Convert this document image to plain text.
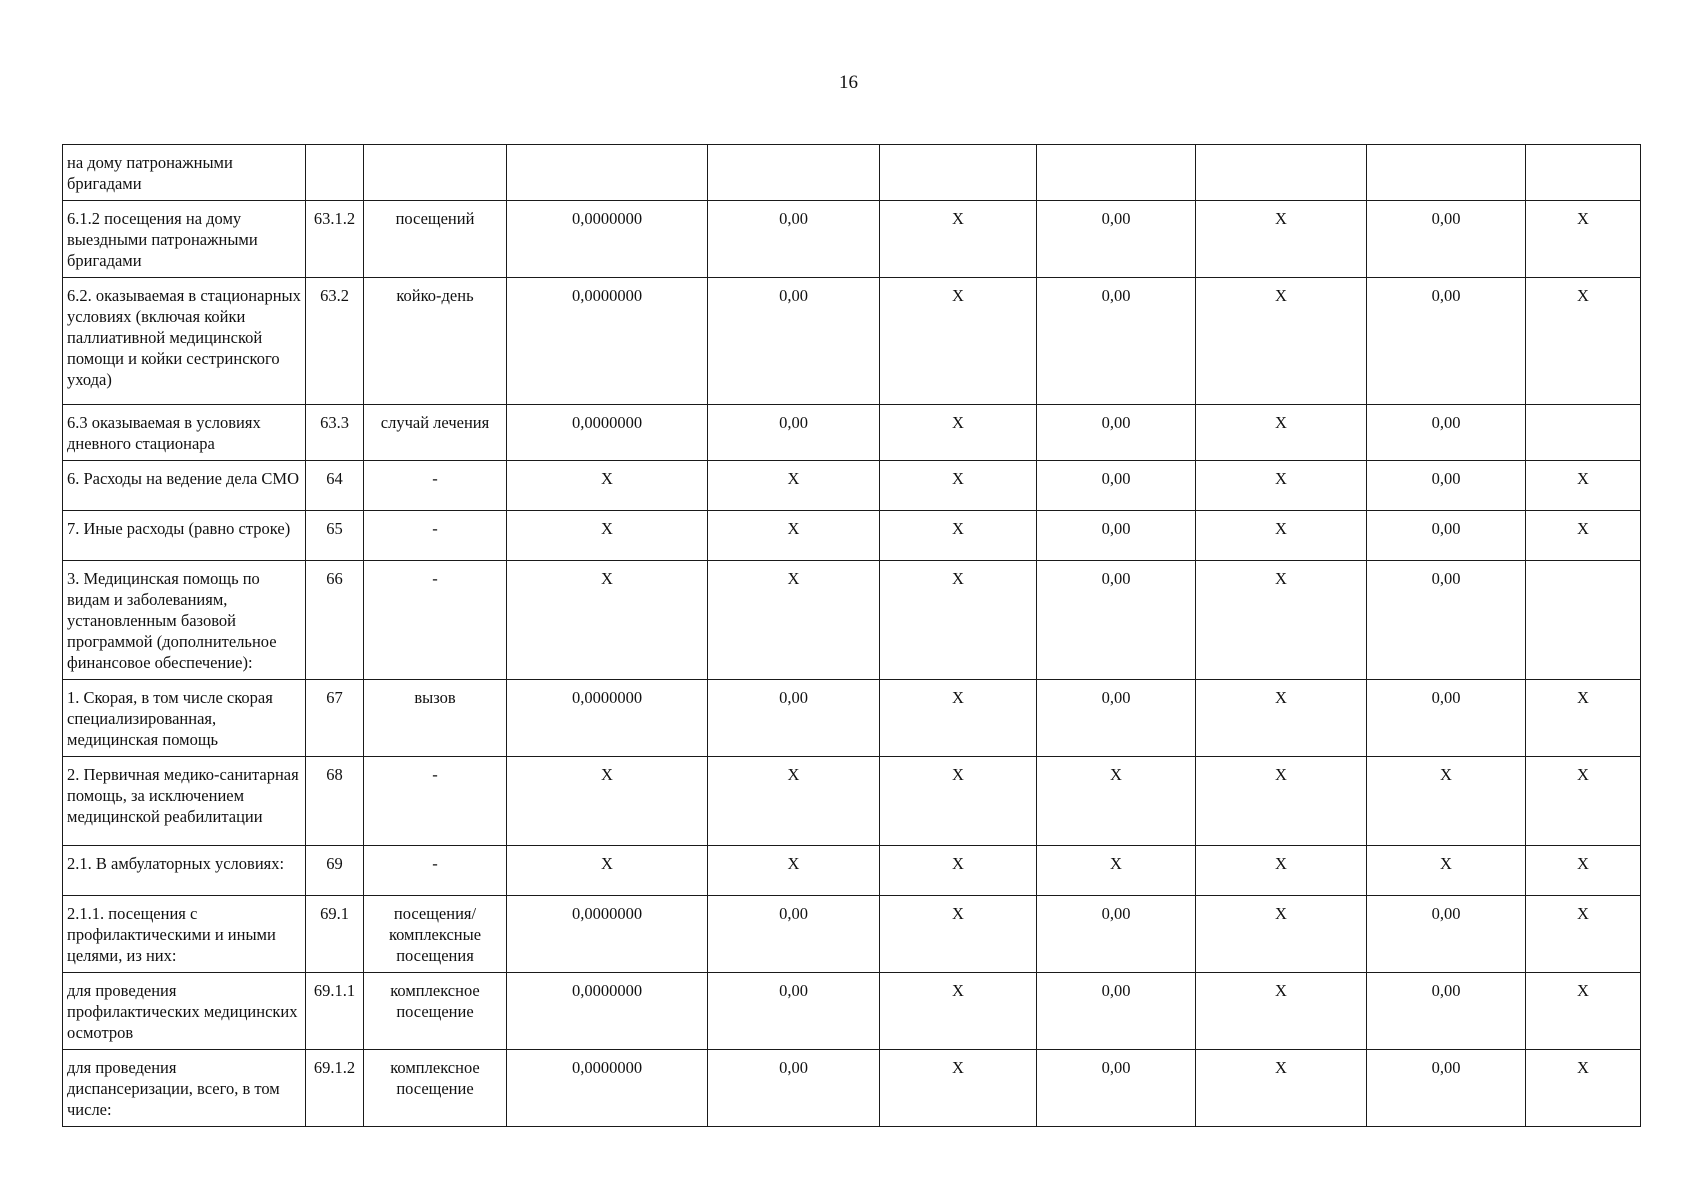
16
на дому патронажными бригадами									
6.1.2 посещения на дому выездными патронажными бригадами	63.1.2	посещений	0,0000000	0,00	X	0,00	X	0,00	X
6.2. оказываемая в стационарных условиях (включая койки паллиативной медицинской помощи и койки сестринского ухода)	63.2	койко-день	0,0000000	0,00	X	0,00	X	0,00	X
6.3 оказываемая в условиях дневного стационара	63.3	случай лечения	0,0000000	0,00	X	0,00	X	0,00	
6. Расходы на ведение дела СМО	64	-	X	X	X	0,00	X	0,00	X
7. Иные расходы (равно строке)	65	-	X	X	X	0,00	X	0,00	X
3. Медицинская помощь по видам и заболеваниям, установленным базовой программой (дополнительное финансовое обеспечение):	66	-	X	X	X	0,00	X	0,00	
1. Скорая, в том числе скорая специализированная, медицинская помощь	67	вызов	0,0000000	0,00	X	0,00	X	0,00	X
2. Первичная медико-санитарная помощь, за исключением медицинской реабилитации	68	-	X	X	X	X	X	X	X
2.1. В амбулаторных условиях:	69	-	X	X	X	X	X	X	X
2.1.1. посещения с профилактическими и иными целями, из них:	69.1	посещения/комплексные посещения	0,0000000	0,00	X	0,00	X	0,00	X
для проведения профилактических медицинских осмотров	69.1.1	комплексное посещение	0,0000000	0,00	X	0,00	X	0,00	X
для проведения диспансеризации, всего, в том числе:	69.1.2	комплексное посещение	0,0000000	0,00	X	0,00	X	0,00	X
